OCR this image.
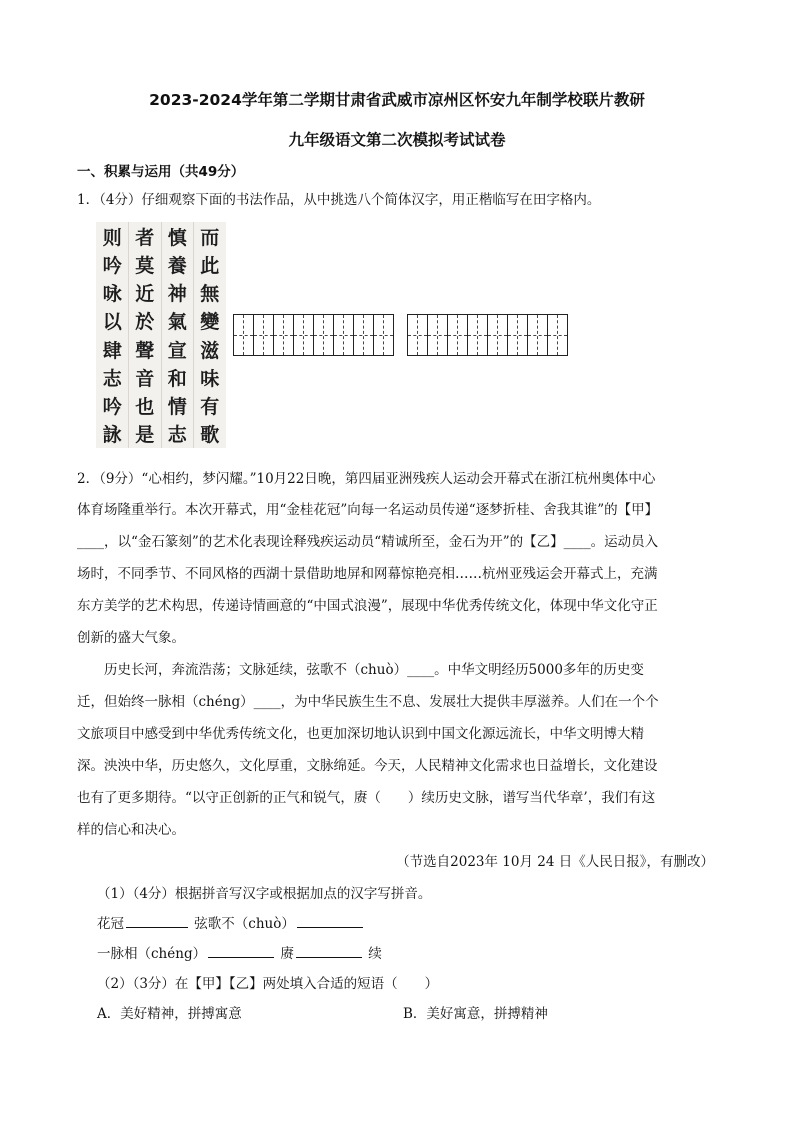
2023-2024学年第二学期甘肃省武威市凉州区怀安九年制学校联片教研
九年级语文第二次模拟考试试卷
一、积累与运用（共49分）
1．（4分）仔细观察下面的书法作品，从中挑选八个简体汉字，用正楷临写在田字格内。
则 者 慎 而
吟 莫 養 此
咏 近 神 無
以 於 氣 變
肆 聲 宣 滋
志 音 和 味
吟 也 情 有
詠 是 志 歌
2．（9分）“心相约，梦闪耀。”10月22日晚，第四届亚洲残疾人运动会开幕式在浙江杭州奥体中心
体育场隆重举行。本次开幕式，用“金桂花冠”向每一名运动员传递“逐梦折桂、舍我其谁”的【甲】
____，以“金石篆刻”的艺术化表现诠释残疾运动员“精诚所至，金石为开”的【乙】____。运动员入
场时，不同季节、不同风格的西湖十景借助地屏和网幕惊艳亮相……杭州亚残运会开幕式上，充满
东方美学的艺术构思，传递诗情画意的“中国式浪漫”，展现中华优秀传统文化，体现中华文化守正
创新的盛大气象。
历史长河，奔流浩荡；文脉延续，弦歌不（chuò）____。中华文明经历5000多年的历史变
迁，但始终一脉相（chéng）____，为中华民族生生不息、发展壮大提供丰厚滋养。人们在一个个
文旅项目中感受到中华优秀传统文化，也更加深切地认识到中国文化源远流长，中华文明博大精
深。泱泱中华，历史悠久，文化厚重，文脉绵延。今天，人民精神文化需求也日益增长，文化建设
也有了更多期待。“以守正创新的正气和锐气，赓（　　）续历史文脉，谱写当代华章’，我们有这
样的信心和决心。
（节选自2023年 10月 24 日《人民日报》，有删改）
（1）（4分）根据拼音写汉字或根据加点的汉字写拼音。
花冠	弦歌不（chuò）
一脉相（chéng）	赓	续
（2）（3分）在【甲】【乙】两处填入合适的短语（　　）
A．美好精神，拼搏寓意	B．美好寓意，拼搏精神
